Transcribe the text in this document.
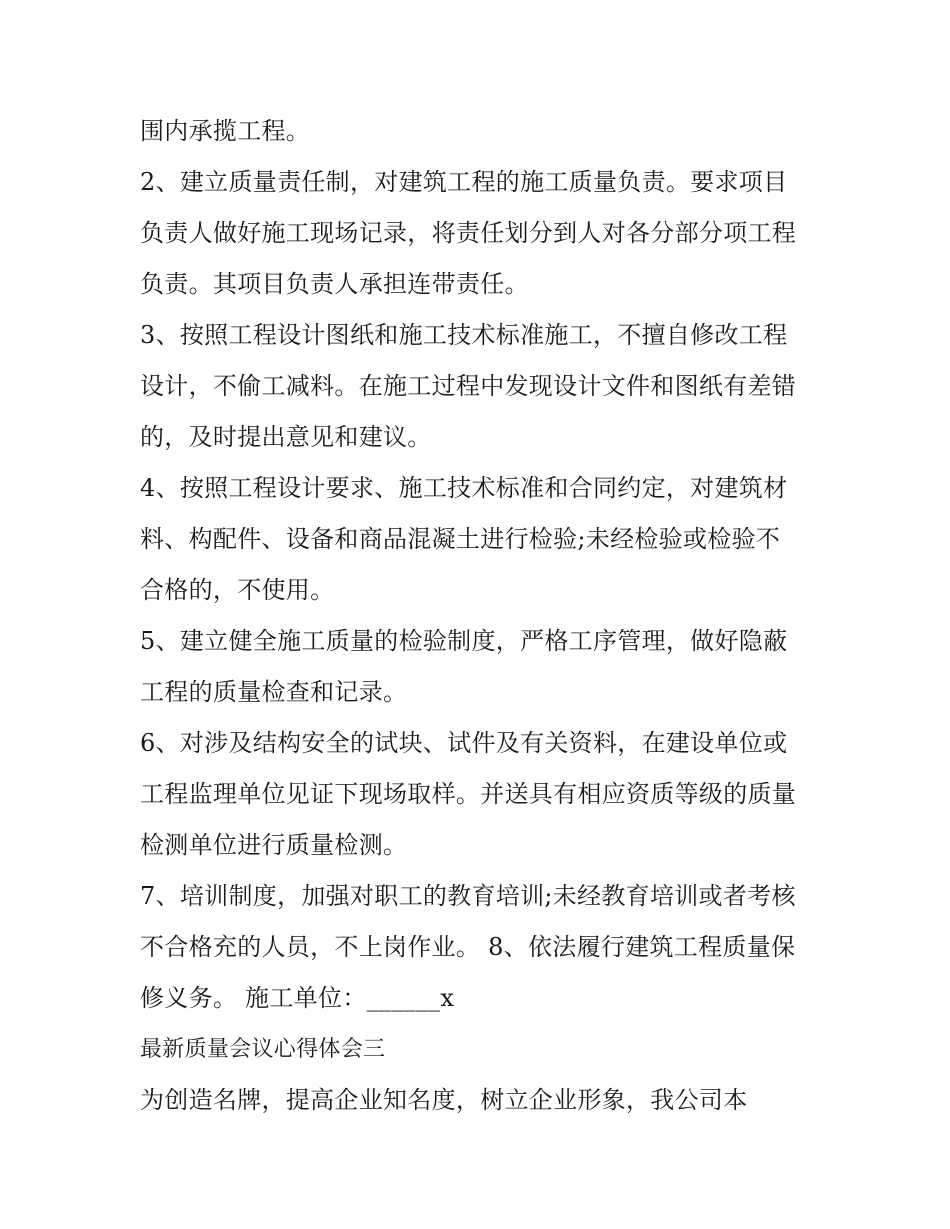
围内承揽工程。
2、建立质量责任制，对建筑工程的施工质量负责。要求项目
负责人做好施工现场记录，将责任划分到人对各分部分项工程
负责。其项目负责人承担连带责任。
3、按照工程设计图纸和施工技术标准施工，不擅自修改工程
设计，不偷工减料。在施工过程中发现设计文件和图纸有差错
的，及时提出意见和建议。
4、按照工程设计要求、施工技术标准和合同约定，对建筑材
料、构配件、设备和商品混凝土进行检验;未经检验或检验不
合格的，不使用。
5、建立健全施工质量的检验制度，严格工序管理，做好隐蔽
工程的质量检查和记录。
6、对涉及结构安全的试块、试件及有关资料，在建设单位或
工程监理单位见证下现场取样。并送具有相应资质等级的质量
检测单位进行质量检测。
7、培训制度，加强对职工的教育培训;未经教育培训或者考核
不合格充的人员，不上岗作业。 8、依法履行建筑工程质量保
修义务。 施工单位：______x
最新质量会议心得体会三
为创造名牌，提高企业知名度，树立企业形象，我公司本
